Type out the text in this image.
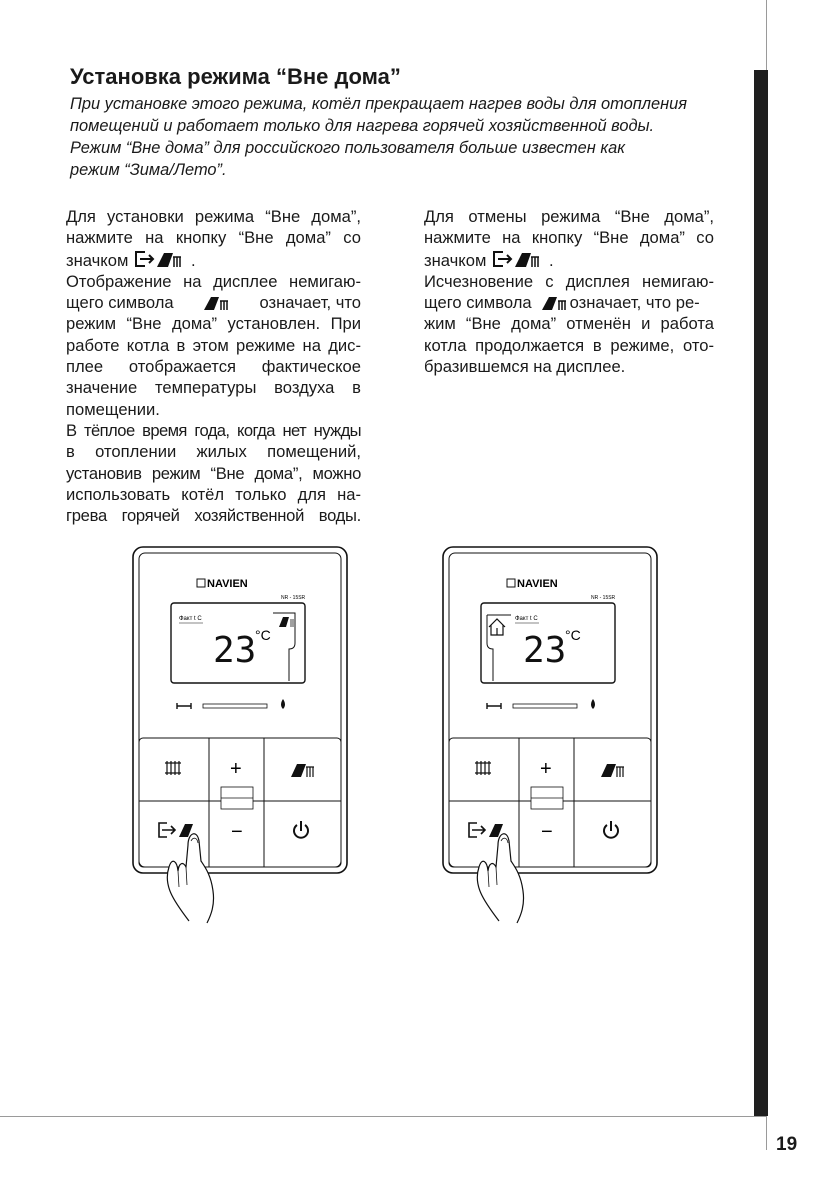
19
Установка режима “Вне дома”
При установке этого режима, котёл прекращает нагрев воды для отопления
помещений и работает только для нагрева горячей хозяйственной воды.
Режим “Вне дома” для российского пользователя больше известен как
режим “Зима/Лето”.
Для установки режима “Вне дома”,
нажмите на кнопку “Вне дома” со
значком	.
Отображение на дисплее немигаю-
щего символа	означает, что
режим “Вне дома” установлен. При
работе котла в этом режиме на дис-
плее отображается фактическое
значение температуры воздуха в
помещении.
В тёплое время года, когда нет нужды
в отоплении жилых помещений,
установив режим “Вне дома”, можно
использовать котёл только для на-
грева горячей хозяйственной воды.
Для отмены режима “Вне дома”,
нажмите на кнопку “Вне дома” со
значком	.
Исчезновение с дисплея немигаю-
щего символа означает, что ре-
жим “Вне дома” отменён и работа
котла продолжается в режиме, ото-
бразившемся на дисплее.
NAVIEN
NR - 15SR
Факт t C
23
°C
+
−
NAVIEN
NR - 15SR
Факт t C
23
°C
+
−
